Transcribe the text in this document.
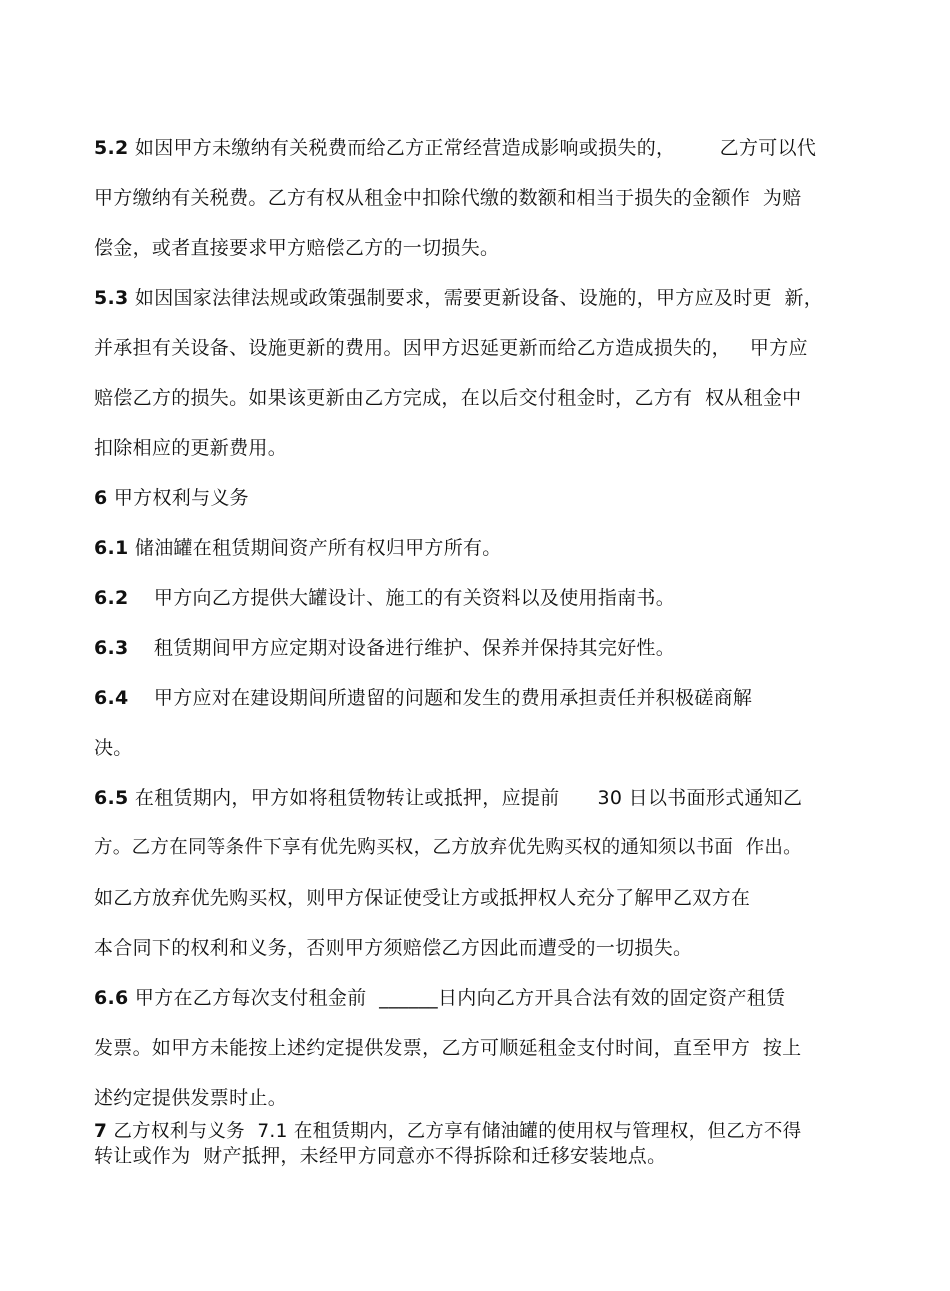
5.2 如因甲方未缴纳有关税费而给乙方正常经营造成影响或损失的，       乙方可以代
甲方缴纳有关税费。乙方有权从租金中扣除代缴的数额和相当于损失的金额作  为赔
偿金，或者直接要求甲方赔偿乙方的一切损失。
5.3 如因国家法律法规或政策强制要求，需要更新设备、设施的，甲方应及时更  新，
并承担有关设备、设施更新的费用。因甲方迟延更新而给乙方造成损失的，   甲方应
赔偿乙方的损失。如果该更新由乙方完成，在以后交付租金时，乙方有  权从租金中
扣除相应的更新费用。
6 甲方权利与义务
6.1 储油罐在租赁期间资产所有权归甲方所有。
6.2    甲方向乙方提供大罐设计、施工的有关资料以及使用指南书。
6.3    租赁期间甲方应定期对设备进行维护、保养并保持其完好性。
6.4    甲方应对在建设期间所遗留的问题和发生的费用承担责任并积极磋商解
决。
6.5 在租赁期内，甲方如将租赁物转让或抵押，应提前      30 日以书面形式通知乙
方。乙方在同等条件下享有优先购买权，乙方放弃优先购买权的通知须以书面  作出。
如乙方放弃优先购买权，则甲方保证使受让方或抵押权人充分了解甲乙双方在
本合同下的权利和义务，否则甲方须赔偿乙方因此而遭受的一切损失。
6.6 甲方在乙方每次支付租金前  ______日内向乙方开具合法有效的固定资产租赁
发票。如甲方未能按上述约定提供发票，乙方可顺延租金支付时间，直至甲方  按上
述约定提供发票时止。
7 乙方权利与义务  7.1 在租赁期内，乙方享有储油罐的使用权与管理权，但乙方不得
转让或作为  财产抵押，未经甲方同意亦不得拆除和迁移安装地点。
